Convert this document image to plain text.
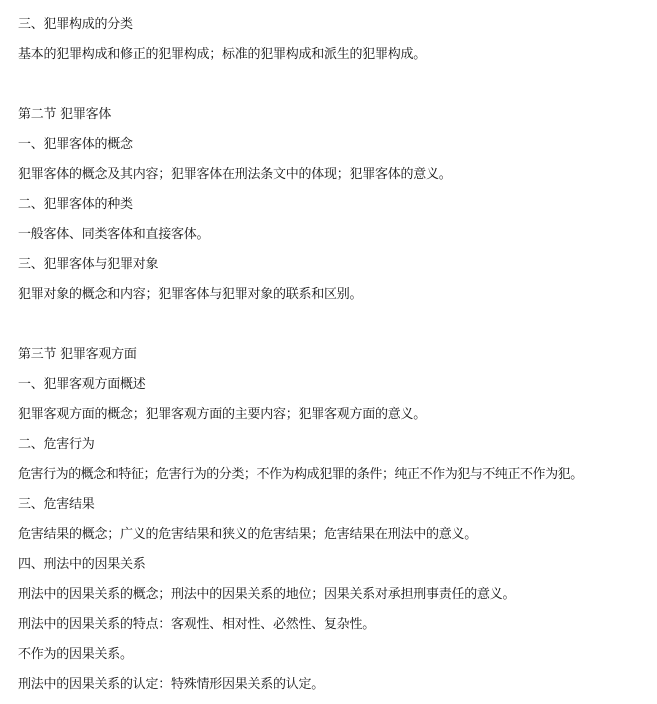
三、犯罪构成的分类
基本的犯罪构成和修正的犯罪构成；标准的犯罪构成和派生的犯罪构成。
第二节 犯罪客体
一、犯罪客体的概念
犯罪客体的概念及其内容；犯罪客体在刑法条文中的体现；犯罪客体的意义。
二、犯罪客体的种类
一般客体、同类客体和直接客体。
三、犯罪客体与犯罪对象
犯罪对象的概念和内容；犯罪客体与犯罪对象的联系和区别。
第三节 犯罪客观方面
一、犯罪客观方面概述
犯罪客观方面的概念；犯罪客观方面的主要内容；犯罪客观方面的意义。
二、危害行为
危害行为的概念和特征；危害行为的分类；不作为构成犯罪的条件；纯正不作为犯与不纯正不作为犯。
三、危害结果
危害结果的概念；广义的危害结果和狭义的危害结果；危害结果在刑法中的意义。
四、刑法中的因果关系
刑法中的因果关系的概念；刑法中的因果关系的地位；因果关系对承担刑事责任的意义。
刑法中的因果关系的特点：客观性、相对性、必然性、复杂性。
不作为的因果关系。
刑法中的因果关系的认定：特殊情形因果关系的认定。
